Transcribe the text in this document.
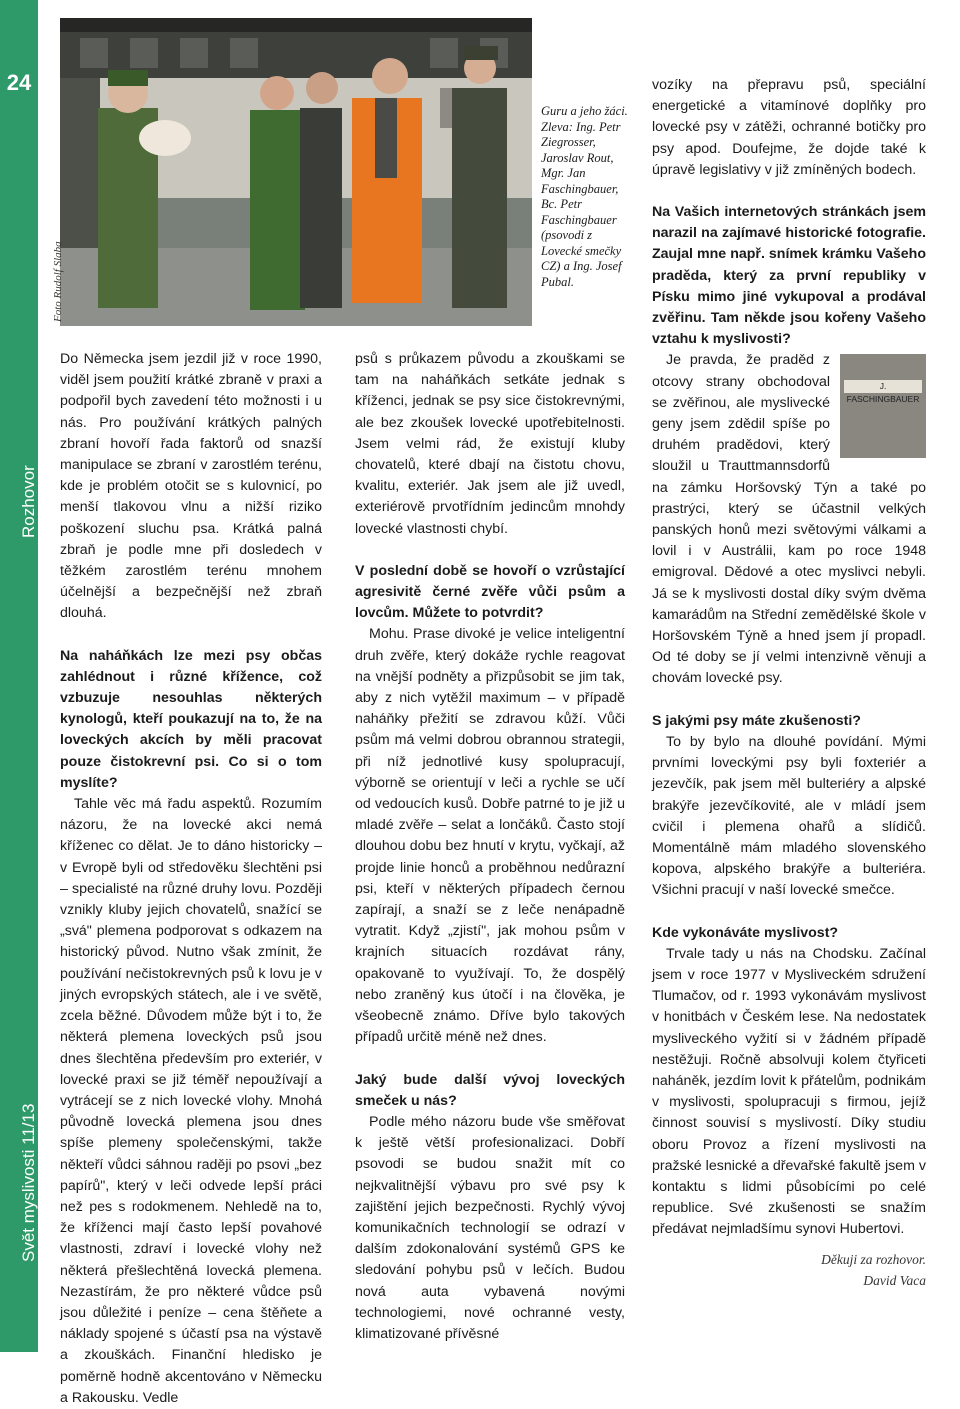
24
Rozhovor
Svět myslivosti 11/13
Foto Rudolf Slaba
Guru a jeho žáci. Zleva: Ing. Petr Ziegrosser, Jaroslav Rout, Mgr. Jan Faschingbauer, Bc. Petr Faschingbauer (psovodi z Lovecké smečky CZ) a Ing. Josef Pubal.

Do Německa jsem jezdil již v roce 1990, viděl jsem použití krátké zbraně v praxi a podpořil bych zavedení této možnosti i u nás. Pro používání krátkých palných zbraní hovoří řada faktorů od snazší manipulace se zbraní v zarostlém terénu, kde je problém otočit se s kulovnicí, po menší tlakovou vlnu a nižší riziko poškození sluchu psa. Krátká palná zbraň je podle mne při dosledech v těžkém zarostlém terénu mnohem účelnější a bezpečnější než zbraň dlouhá.

Na naháňkách lze mezi psy občas zahlédnout i různé křížence, což vzbuzuje nesouhlas některých kynologů, kteří poukazují na to, že na loveckých akcích by měli pracovat pouze čistokrevní psi. Co si o tom myslíte?

Tahle věc má řadu aspektů. Rozumím názoru, že na lovecké akci nemá kříženec co dělat. Je to dáno historicky – v Evropě byli od středověku šlechtěni psi – specialisté na různé druhy lovu. Později vznikly kluby jejich chovatelů, snažící se „svá" plemena podporovat s odkazem na historický původ. Nutno však zmínit, že používání nečistokrevných psů k lovu je v jiných evropských státech, ale i ve světě, zcela běžné. Důvodem může být i to, že některá plemena loveckých psů jsou dnes šlechtěna především pro exteriér, v lovecké praxi se již téměř nepoužívají a vytrácejí se z nich lovecké vlohy. Mnohá původně lovecká plemena jsou dnes spíše plemeny společenskými, takže někteří vůdci sáhnou raději po psovi „bez papírů", který v leči odvede lepší práci než pes s rodokmenem. Nehledě na to, že kříženci mají často lepší povahové vlastnosti, zdraví i lovecké vlohy než některá přešlechtěná lovecká plemena. Nezastírám, že pro některé vůdce psů jsou důležité i peníze – cena štěňete a náklady spojené s účastí psa na výstavě a zkouškách. Finanční hledisko je poměrně hodně akcentováno v Německu a Rakousku. Vedle

psů s průkazem původu a zkouškami se tam na naháňkách setkáte jednak s kříženci, jednak se psy sice čistokrevnými, ale bez zkoušek lovecké upotřebitelnosti. Jsem velmi rád, že existují kluby chovatelů, které dbají na čistotu chovu, kvalitu, exteriér. Jak jsem ale již uvedl, exteriérově prvotřídním jedincům mnohdy lovecké vlastnosti chybí.

V poslední době se hovoří o vzrůstající agresivitě černé zvěře vůči psům a lovcům. Můžete to potvrdit?

Mohu. Prase divoké je velice inteligentní druh zvěře, který dokáže rychle reagovat na vnější podněty a přizpůsobit se jim tak, aby z nich vytěžil maximum – v případě naháňky přežití se zdravou kůží. Vůči psům má velmi dobrou obrannou strategii, při níž jednotlivé kusy spolupracují, výborně se orientují v leči a rychle se učí od vedoucích kusů. Dobře patrné to je již u mladé zvěře – selat a lončáků. Často stojí dlouhou dobu bez hnutí v krytu, vyčkají, až projde linie honců a proběhnou nedůrazní psi, kteří v některých případech černou zapírají, a snaží se z leče nenápadně vytratit. Když „zjistí", jak mohou psům v krajních situacích rozdávat rány, opakovaně to využívají. To, že dospělý nebo zraněný kus útočí i na člověka, je všeobecně známo. Dříve bylo takových případů určitě méně než dnes.

Jaký bude další vývoj loveckých smeček u nás?

Podle mého názoru bude vše směřovat k ještě větší profesionalizaci. Dobří psovodi se budou snažit mít co nejkvalitnější výbavu pro své psy k zajištění jejich bezpečnosti. Rychlý vývoj komunikačních technologií se odrazí v dalším zdokonalování systémů GPS ke sledování pohybu psů v lečích. Budou nová auta vybavená novými technologiemi, nové ochranné vesty, klimatizované přívěsné

vozíky na přepravu psů, speciální energetické a vitamínové doplňky pro lovecké psy v zátěži, ochranné botičky pro psy apod. Doufejme, že dojde také k úpravě legislativy v již zmíněných bodech.

Na Vašich internetových stránkách jsem narazil na zajímavé historické fotografie. Zaujal mne např. snímek krámku Vašeho praděda, který za první republiky v Písku mimo jiné vykupoval a prodával zvěřinu. Tam někde jsou kořeny Vašeho vztahu k myslivosti?

J. FASCHINGBAUER

Je pravda, že praděd z otcovy strany obchodoval se zvěřinou, ale myslivecké geny jsem zdědil spíše po druhém pradědovi, který sloužil u Trauttmannsdorfů na zámku Horšovský Týn a také po prastrýci, který se účastnil velkých panských honů mezi světovými válkami a lovil i v Austrálii, kam po roce 1948 emigroval. Dědové a otec myslivci nebyli. Já se k myslivosti dostal díky svým dvěma kamarádům na Střední zemědělské škole v Horšovském Týně a hned jsem jí propadl. Od té doby se jí velmi intenzivně věnuji a chovám lovecké psy.

S jakými psy máte zkušenosti?

To by bylo na dlouhé povídání. Mými prvními loveckými psy byli foxteriér a jezevčík, pak jsem měl bulteriéry a alpské brakýře jezevčíkovité, ale v mládí jsem cvičil i plemena ohařů a slídičů. Momentálně mám mladého slovenského kopova, alpského brakýře a bulteriéra. Všichni pracují v naší lovecké smečce.

Kde vykonáváte myslivost?

Trvale tady u nás na Chodsku. Začínal jsem v roce 1977 v Mysliveckém sdružení Tlumačov, od r. 1993 vykonávám myslivost v honitbách v Českém lese. Na nedostatek mysliveckého vyžití si v žádném případě nestěžuji. Ročně absolvuji kolem čtyřiceti naháněk, jezdím lovit k přátelům, podnikám v myslivosti, spolupracuji s firmou, jejíž činnost souvisí s myslivostí. Díky studiu oboru Provoz a řízení myslivosti na pražské lesnické a dřevařské fakultě jsem v kontaktu s lidmi působícími po celé republice. Své zkušenosti se snažím předávat nejmladšímu synovi Hubertovi.

Děkuji za rozhovor.
David Vaca
